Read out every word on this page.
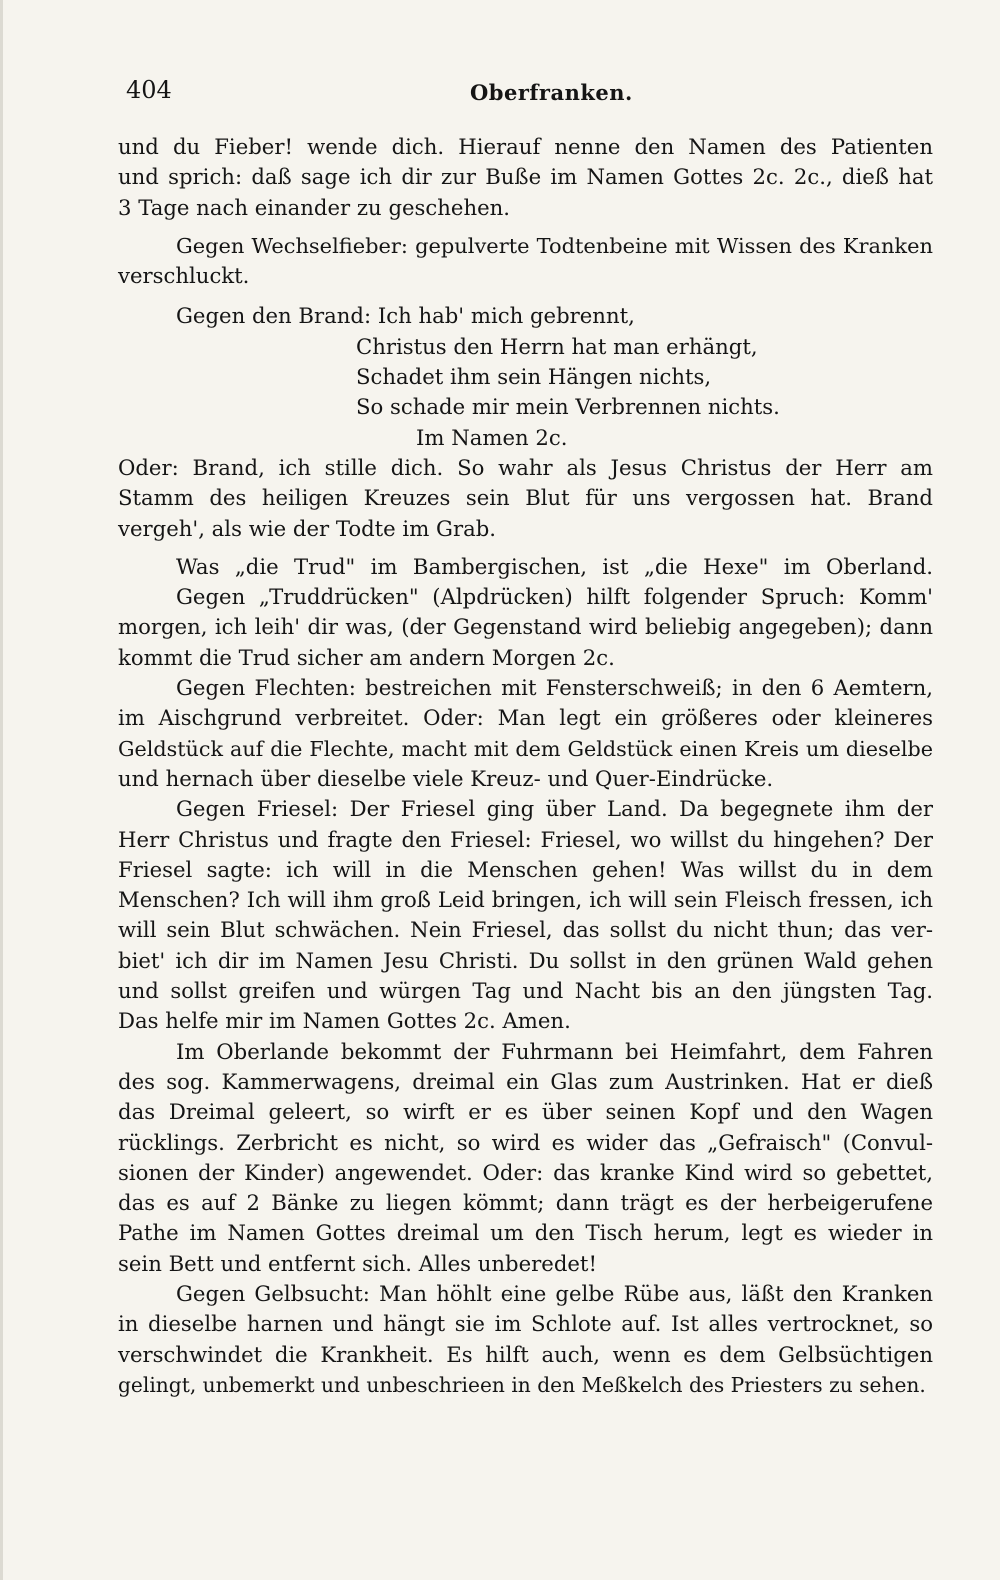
404	Oberfranken.
und du Fieber! wende dich. Hierauf nenne den Namen des Patienten
und sprich: daß sage ich dir zur Buße im Namen Gottes 2c. 2c., dieß hat
3 Tage nach einander zu geschehen.
Gegen Wechselfieber: gepulverte Todtenbeine mit Wissen des Kranken
verschluckt.
Gegen den Brand: Ich hab' mich gebrennt,
Christus den Herrn hat man erhängt,
Schadet ihm sein Hängen nichts,
So schade mir mein Verbrennen nichts.
Im Namen 2c.
Oder: Brand, ich stille dich. So wahr als Jesus Christus der Herr am
Stamm des heiligen Kreuzes sein Blut für uns vergossen hat. Brand
vergeh', als wie der Todte im Grab.
Was „die Trud" im Bambergischen, ist „die Hexe" im Oberland.
Gegen „Truddrücken" (Alpdrücken) hilft folgender Spruch: Komm'
morgen, ich leih' dir was, (der Gegenstand wird beliebig angegeben); dann
kommt die Trud sicher am andern Morgen 2c.
Gegen Flechten: bestreichen mit Fensterschweiß; in den 6 Aemtern,
im Aischgrund verbreitet. Oder: Man legt ein größeres oder kleineres
Geldstück auf die Flechte, macht mit dem Geldstück einen Kreis um dieselbe
und hernach über dieselbe viele Kreuz- und Quer-Eindrücke.
Gegen Friesel: Der Friesel ging über Land. Da begegnete ihm der
Herr Christus und fragte den Friesel: Friesel, wo willst du hingehen? Der
Friesel sagte: ich will in die Menschen gehen! Was willst du in dem
Menschen? Ich will ihm groß Leid bringen, ich will sein Fleisch fressen, ich
will sein Blut schwächen. Nein Friesel, das sollst du nicht thun; das ver-
biet' ich dir im Namen Jesu Christi. Du sollst in den grünen Wald gehen
und sollst greifen und würgen Tag und Nacht bis an den jüngsten Tag.
Das helfe mir im Namen Gottes 2c. Amen.
Im Oberlande bekommt der Fuhrmann bei Heimfahrt, dem Fahren
des sog. Kammerwagens, dreimal ein Glas zum Austrinken. Hat er dieß
das Dreimal geleert, so wirft er es über seinen Kopf und den Wagen
rücklings. Zerbricht es nicht, so wird es wider das „Gefraisch" (Convul-
sionen der Kinder) angewendet. Oder: das kranke Kind wird so gebettet,
das es auf 2 Bänke zu liegen kömmt; dann trägt es der herbeigerufene
Pathe im Namen Gottes dreimal um den Tisch herum, legt es wieder in
sein Bett und entfernt sich. Alles unberedet!
Gegen Gelbsucht: Man höhlt eine gelbe Rübe aus, läßt den Kranken
in dieselbe harnen und hängt sie im Schlote auf. Ist alles vertrocknet, so
verschwindet die Krankheit. Es hilft auch, wenn es dem Gelbsüchtigen
gelingt, unbemerkt und unbeschrieen in den Meßkelch des Priesters zu sehen.
